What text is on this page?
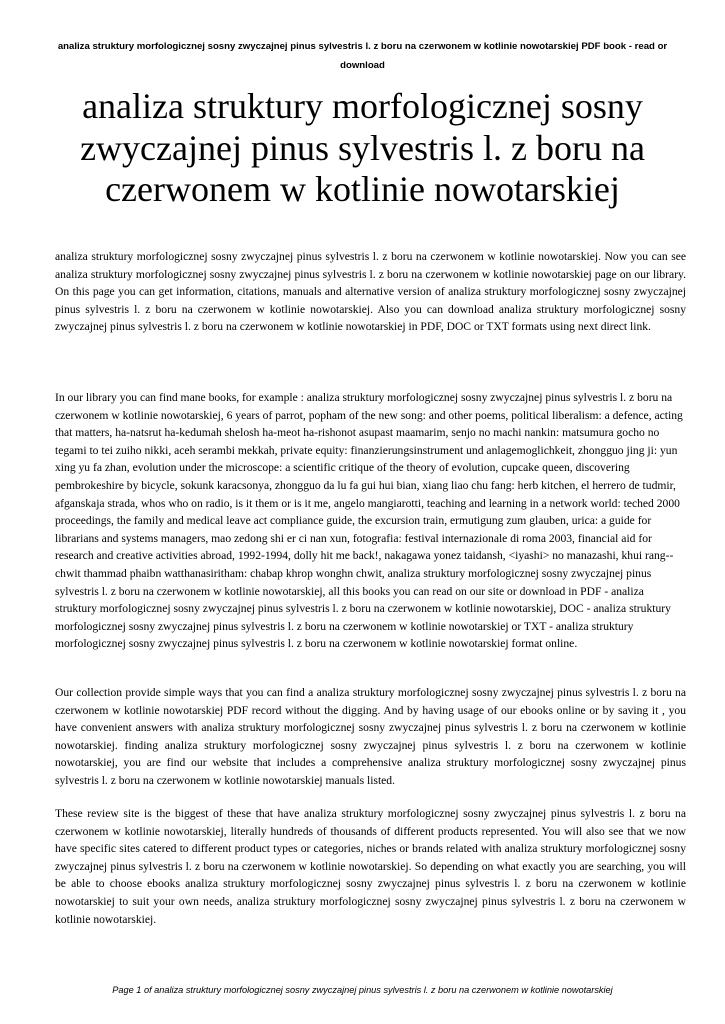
analiza struktury morfologicznej sosny zwyczajnej pinus sylvestris l. z boru na czerwonem w kotlinie nowotarskiej PDF book - read or download
analiza struktury morfologicznej sosny zwyczajnej pinus sylvestris l. z boru na czerwonem w kotlinie nowotarskiej

analiza struktury morfologicznej sosny zwyczajnej pinus sylvestris l. z boru na czerwonem w kotlinie nowotarskiej. Now you can see analiza struktury morfologicznej sosny zwyczajnej pinus sylvestris l. z boru na czerwonem w kotlinie nowotarskiej page on our library. On this page you can get information, citations, manuals and alternative version of analiza struktury morfologicznej sosny zwyczajnej pinus sylvestris l. z boru na czerwonem w kotlinie nowotarskiej. Also you can download analiza struktury morfologicznej sosny zwyczajnej pinus sylvestris l. z boru na czerwonem w kotlinie nowotarskiej in PDF, DOC or TXT formats using next direct link.

In our library you can find mane books, for example : analiza struktury morfologicznej sosny zwyczajnej pinus sylvestris l. z boru na czerwonem w kotlinie nowotarskiej, 6 years of parrot, popham of the new song: and other poems, political liberalism: a defence, acting that matters, ha-natsrut ha-kedumah shelosh ha-meot ha-rishonot asupast maamarim, senjo no machi nankin: matsumura gocho no tegami to tei zuiho nikki, aceh serambi mekkah, private equity: finanzierungsinstrument und anlagemoglichkeit, zhongguo jing ji: yun xing yu fa zhan, evolution under the microscope: a scientific critique of the theory of evolution, cupcake queen, discovering pembrokeshire by bicycle, sokunk karacsonya, zhongguo da lu fa gui hui bian, xiang liao chu fang: herb kitchen, el herrero de tudmir, afganskaja strada, whos who on radio, is it them or is it me, angelo mangiarotti, teaching and learning in a network world: teched 2000 proceedings, the family and medical leave act compliance guide, the excursion train, ermutigung zum glauben, urica: a guide for librarians and systems managers, mao zedong shi er ci nan xun, fotografia: festival internazionale di roma 2003, financial aid for research and creative activities abroad, 1992-1994, dolly hit me back!, nakagawa yonez taidansh, <iyashi> no manazashi, khui rang-- chwit thammad phaibn watthanasiritham: chabap khrop wonghn chwit, analiza struktury morfologicznej sosny zwyczajnej pinus sylvestris l. z boru na czerwonem w kotlinie nowotarskiej, all this books you can read on our site or download in PDF - analiza struktury morfologicznej sosny zwyczajnej pinus sylvestris l. z boru na czerwonem w kotlinie nowotarskiej, DOC - analiza struktury morfologicznej sosny zwyczajnej pinus sylvestris l. z boru na czerwonem w kotlinie nowotarskiej or TXT - analiza struktury morfologicznej sosny zwyczajnej pinus sylvestris l. z boru na czerwonem w kotlinie nowotarskiej format online.

Our collection provide simple ways that you can find a analiza struktury morfologicznej sosny zwyczajnej pinus sylvestris l. z boru na czerwonem w kotlinie nowotarskiej PDF record without the digging. And by having usage of our ebooks online or by saving it , you have convenient answers with analiza struktury morfologicznej sosny zwyczajnej pinus sylvestris l. z boru na czerwonem w kotlinie nowotarskiej. finding analiza struktury morfologicznej sosny zwyczajnej pinus sylvestris l. z boru na czerwonem w kotlinie nowotarskiej, you are find our website that includes a comprehensive analiza struktury morfologicznej sosny zwyczajnej pinus sylvestris l. z boru na czerwonem w kotlinie nowotarskiej manuals listed.

These review site is the biggest of these that have analiza struktury morfologicznej sosny zwyczajnej pinus sylvestris l. z boru na czerwonem w kotlinie nowotarskiej, literally hundreds of thousands of different products represented. You will also see that we now have specific sites catered to different product types or categories, niches or brands related with analiza struktury morfologicznej sosny zwyczajnej pinus sylvestris l. z boru na czerwonem w kotlinie nowotarskiej. So depending on what exactly you are searching, you will be able to choose ebooks analiza struktury morfologicznej sosny zwyczajnej pinus sylvestris l. z boru na czerwonem w kotlinie nowotarskiej to suit your own needs, analiza struktury morfologicznej sosny zwyczajnej pinus sylvestris l. z boru na czerwonem w kotlinie nowotarskiej.

Page 1 of analiza struktury morfologicznej sosny zwyczajnej pinus sylvestris l. z boru na czerwonem w kotlinie nowotarskiej
